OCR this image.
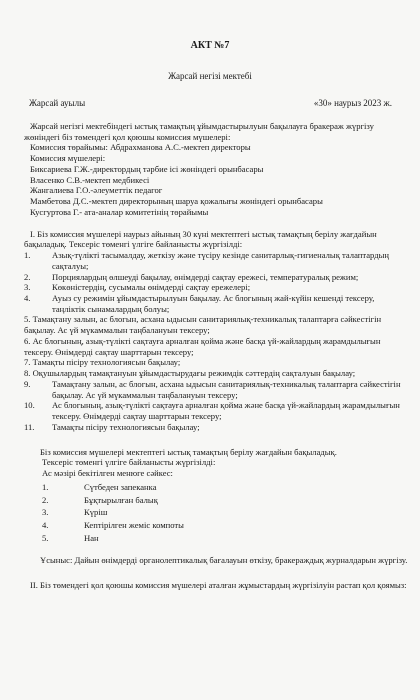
АКТ №7
Жарсай негізі мектебі
Жарсай ауылы	«30» наурыз 2023 ж.

Жарсай негізгі мектебіндегі ыстық тамақтың ұйымдастырылуын бақылауға бракераж жүргізу жөніндегі біз төмендегі қол қоюшы комиссия мүшелері:

Комиссия төрайымы: Абдрахманова А.С.-мектеп директоры

Комиссия мүшелері:

Биксариева Г.Ж.-директордың тәрбие ісі жөніндегі орынбасары

Власенко С.В.-мектеп медбикесі

Жангалиева Г.О.-әлеуметтік педагог

Мамбетова Д.С.-мектеп директорының шаруа қожалығы жөніндегі орынбасары

Кусгуртова Г.- ата-аналар комитетінің төрайымы

I. Біз комиссия мүшелері наурыз айының 30 күні мектептегі ыстық тамақтың берілу жағдайын бақыладық. Тексеріс төменгі үлгіге байланысты жүргізілді:

1.	Азық-түлікті тасымалдау, жеткізу және түсіру кезінде санитарлық-гигиеналық талаптардың сақталуы;
2.	Порциялардың өлшеуді бақылау, өнімдерді сақтау ережесі, температуралық режим;
3.	Көкөністердің, сусымалы өнімдерді сақтау ережелері;
4.	Ауыз су режимін ұйымдастырылуын бақылау. Ас блогының жай-күйін кешенді тексеру, таңліктік сынамалардың болуы;
5. Тамақтану залын, ас блогын, асхана ыдысын санитариялық-техникалық талаптарға сәйкестігін бақылау. Ас үй мүкаммалын таңбалануын тексеру;
6. Ас блогының, азық-түлікті сақтауға арналған қойма және басқа үй-жайлардың жарамдылығын тексеру. Өнімдерді сақтау шарттарын тексеру;
7. Тамақты пісіру технологиясын бақылау;
8. Оқушылардың тамақтануын ұйымдастырудағы режимдік сәттердің сақталуын бақылау;
9.	Тамақтану залын, ас блогын, асхана ыдысын санитариялық-техникалық талаптарға сәйкестігін бақылау. Ас үй мүкаммалын таңбалануын тексеру;
10.	Ас блогының, азық-түлікті сақтауға арналған қойма және басқа үй-жайлардың жарамдылығын тексеру. Өнімдерді сақтау шарттарын тексеру;
11.	Тамақты пісіру технологиясын бақылау;

Біз комиссия мүшелері мектептегі ыстық тамақтың берілу жағдайын бақыладық.

Тексеріс төменгі үлгіге байланысты жүргізілді:

Ас мәзірі бекітілген менюге сәйкес:

1.	Сүтбеден запеканка
2.	Бұқтырылған балық
3.	Күріш
4.	Кептірілген жеміс компоты
5.	Нан

Ұсыныс: Дайын өнімдерді органолептикалық бағалауын өткізу, бракераждық журналдарын жүргізу.

II. Біз төмендегі қол қоюшы комиссия мүшелері аталған жұмыстардың жүргізілуін растап қол қоямыз:
